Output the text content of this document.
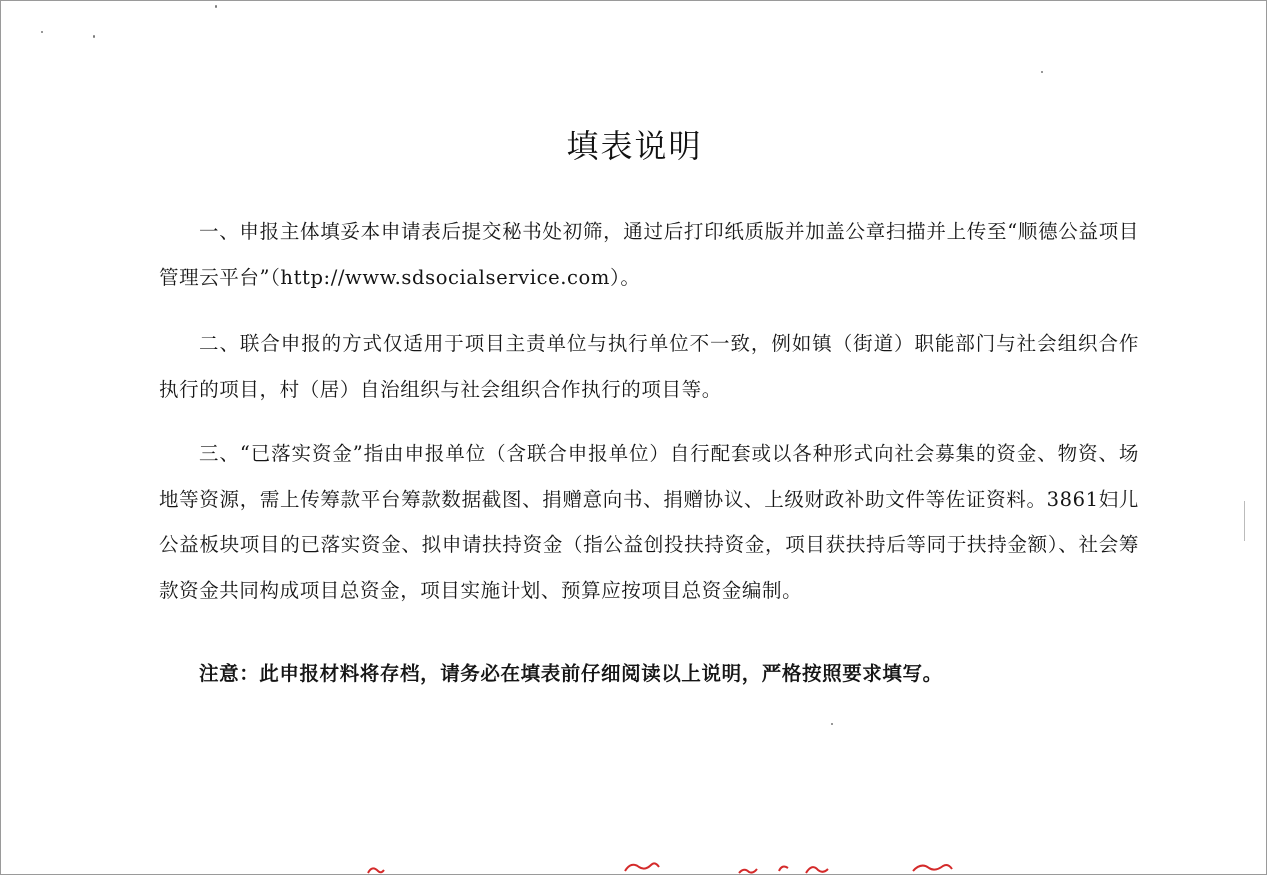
填表说明

一、申报主体填妥本申请表后提交秘书处初筛，通过后打印纸质版并加盖公章扫描并上传至“顺德公益项目管理云平台”（http://www.sdsocialservice.com）。

二、联合申报的方式仅适用于项目主责单位与执行单位不一致，例如镇（街道）职能部门与社会组织合作执行的项目，村（居）自治组织与社会组织合作执行的项目等。

三、“已落实资金”指由申报单位（含联合申报单位）自行配套或以各种形式向社会募集的资金、物资、场地等资源，需上传筹款平台筹款数据截图、捐赠意向书、捐赠协议、上级财政补助文件等佐证资料。3861妇儿公益板块项目的已落实资金、拟申请扶持资金（指公益创投扶持资金，项目获扶持后等同于扶持金额）、社会筹款资金共同构成项目总资金，项目实施计划、预算应按项目总资金编制。

注意：此申报材料将存档，请务必在填表前仔细阅读以上说明，严格按照要求填写。
